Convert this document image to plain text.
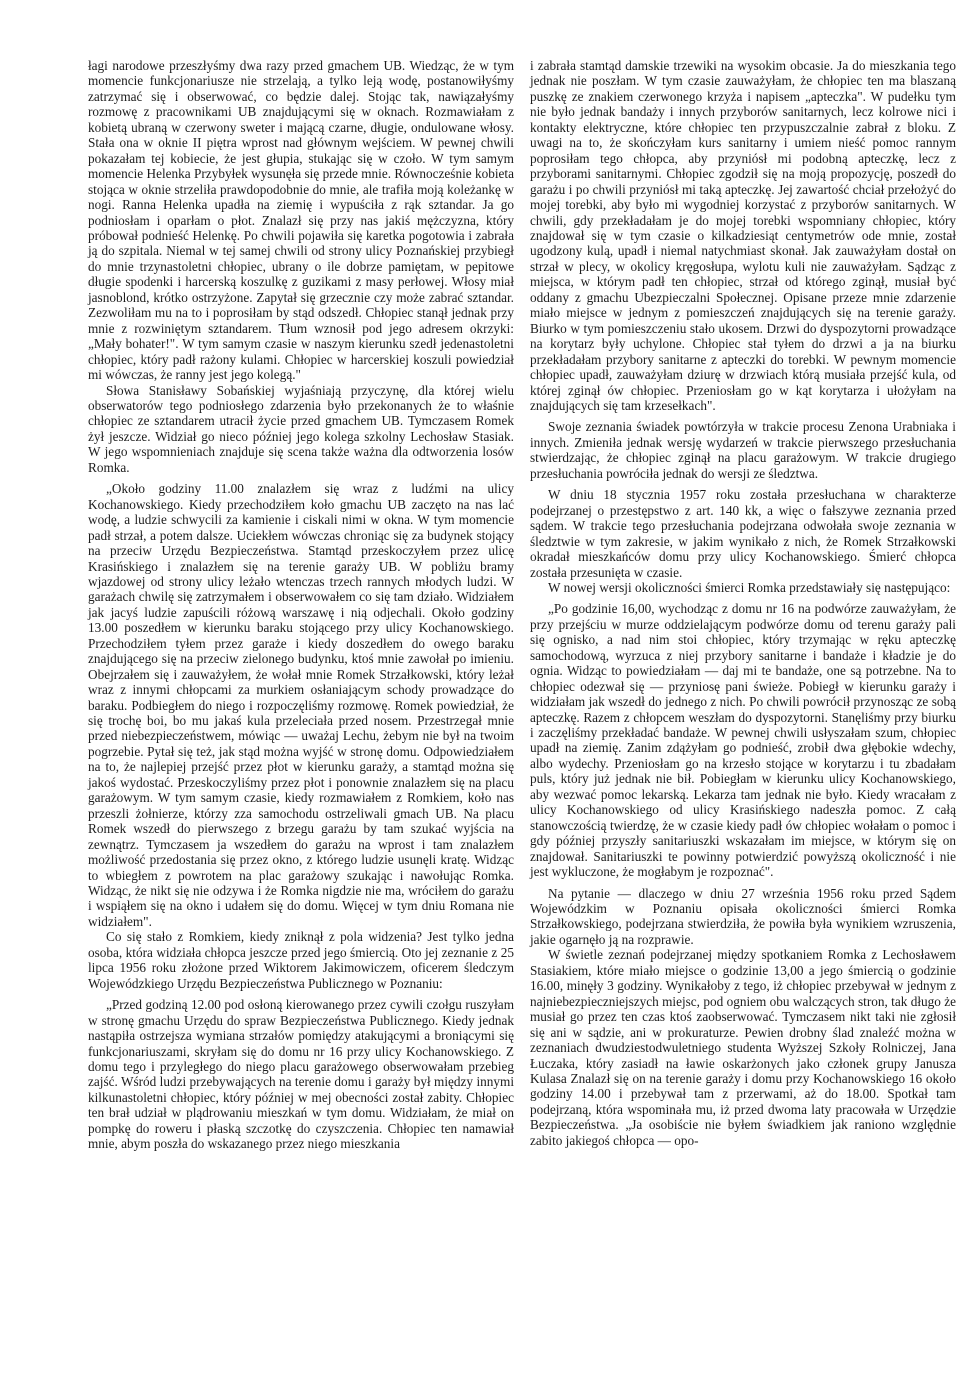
łagi narodowe przeszłyśmy dwa razy przed gmachem UB. Wiedząc, że w tym momencie funkcjonariusze nie strzelają, a tylko leją wodę, postanowiłyśmy zatrzymać się i obserwować, co będzie dalej. Stojąc tak, nawiązałyśmy rozmowę z pracownikami UB znajdującymi się w oknach. Rozmawiałam z kobietą ubraną w czerwony sweter i mającą czarne, długie, ondulowane włosy. Stała ona w oknie II piętra wprost nad głównym wejściem. W pewnej chwili pokazałam tej kobiecie, że jest głupia, stukając się w czoło. W tym samym momencie Helenka Przybyłek wysunęła się przede mnie. Równocześnie kobieta stojąca w oknie strzeliła prawdopodobnie do mnie, ale trafiła moją koleżankę w nogi. Ranna Helenka upadła na ziemię i wypuściła z rąk sztandar. Ja go podniosłam i oparłam o płot. Znalazł się przy nas jakiś mężczyzna, który próbował podnieść Helenkę. Po chwili pojawiła się karetka pogotowia i zabrała ją do szpitala. Niemal w tej samej chwili od strony ulicy Poznańskiej przybiegł do mnie trzynastoletni chłopiec, ubrany o ile dobrze pamiętam, w pepitowe długie spodenki i harcerską koszulkę z guzikami z masy perłowej. Włosy miał jasnoblond, krótko ostrzyżone. Zapytał się grzecznie czy może zabrać sztandar. Zezwoliłam mu na to i poprosiłam by stąd odszedł. Chłopiec stanął jednak przy mnie z rozwiniętym sztandarem. Tłum wznosił pod jego adresem okrzyki: „Mały bohater!". W tym samym czasie w naszym kierunku szedł jedenastoletni chłopiec, który padł rażony kulami. Chłopiec w harcerskiej koszuli powiedział mi wówczas, że ranny jest jego kolegą."

Słowa Stanisławy Sobańskiej wyjaśniają przyczynę, dla której wielu obserwatorów tego podniosłego zdarzenia było przekonanych że to właśnie chłopiec ze sztandarem utracił życie przed gmachem UB. Tymczasem Romek żył jeszcze. Widział go nieco później jego kolega szkolny Lechosław Stasiak. W jego wspomnieniach znajduje się scena także ważna dla odtworzenia losów Romka.

„Około godziny 11.00 znalazłem się wraz z ludźmi na ulicy Kochanowskiego. Kiedy przechodziłem koło gmachu UB zaczęto na nas lać wodę, a ludzie schwycili za kamienie i ciskali nimi w okna. W tym momencie padł strzał, a potem dalsze. Uciekłem wówczas chroniąc się za budynek stojący na przeciw Urzędu Bezpieczeństwa. Stamtąd przeskoczyłem przez ulicę Krasińskiego i znalazłem się na terenie garaży UB. W pobliżu bramy wjazdowej od strony ulicy leżało wtenczas trzech rannych młodych ludzi. W garażach chwilę się zatrzymałem i obserwowałem co się tam działo. Widziałem jak jacyś ludzie zapuścili różową warszawę i nią odjechali. Około godziny 13.00 poszedłem w kierunku baraku stojącego przy ulicy Kochanowskiego. Przechodziłem tyłem przez garaże i kiedy doszedłem do owego baraku znajdującego się na przeciw zielonego budynku, ktoś mnie zawołał po imieniu. Obejrzałem się i zauważyłem, że wołał mnie Romek Strzałkowski, który leżał wraz z innymi chłopcami za murkiem osłaniającym schody prowadzące do baraku. Podbiegłem do niego i rozpoczęliśmy rozmowę. Romek powiedział, że się trochę boi, bo mu jakaś kula przeleciała przed nosem. Przestrzegał mnie przed niebezpieczeństwem, mówiąc — uważaj Lechu, żebym nie był na twoim pogrzebie. Pytał się też, jak stąd można wyjść w stronę domu. Odpowiedziałem na to, że najlepiej przejść przez płot w kierunku garaży, a stamtąd można się jakoś wydostać. Przeskoczyliśmy przez płot i ponownie znalazłem się na placu garażowym. W tym samym czasie, kiedy rozmawiałem z Romkiem, koło nas przeszli żołnierze, którzy zza samochodu ostrzeliwali gmach UB. Na placu Romek wszedł do pierwszego z brzegu garażu by tam szukać wyjścia na zewnątrz. Tymczasem ja wszedłem do garażu na wprost i tam znalazłem możliwość przedostania się przez okno, z którego ludzie usunęli kratę. Widząc to wbiegłem z powrotem na plac garażowy szukając i nawołując Romka. Widząc, że nikt się nie odzywa i że Romka nigdzie nie ma, wróciłem do garażu i wspiąłem się na okno i udałem się do domu. Więcej w tym dniu Romana nie widziałem".

Co się stało z Romkiem, kiedy zniknął z pola widzenia? Jest tylko jedna osoba, która widziała chłopca jeszcze przed jego śmiercią. Oto jej zeznanie z 25 lipca 1956 roku złożone przed Wiktorem Jakimowiczem, oficerem śledczym Wojewódzkiego Urzędu Bezpieczeństwa Publicznego w Poznaniu:

„Przed godziną 12.00 pod osłoną kierowanego przez cywili czołgu ruszyłam w stronę gmachu Urzędu do spraw Bezpieczeństwa Publicznego. Kiedy jednak nastąpiła ostrzejsza wymiana strzałów pomiędzy atakującymi a broniącymi się funkcjonariuszami, skryłam się do domu nr 16 przy ulicy Kochanowskiego. Z domu tego i przyległego do niego placu garażowego obserwowałam przebieg zajść. Wśród ludzi przebywających na terenie domu i garaży był między innymi kilkunastoletni chłopiec, który później w mej obecności został zabity. Chłopiec ten brał udział w plądrowaniu mieszkań w tym domu. Widziałam, że miał on pompkę do roweru i płaską szczotkę do czyszczenia. Chłopiec ten namawiał mnie, abym poszła do wskazanego przez niego mieszkania

i zabrała stamtąd damskie trzewiki na wysokim obcasie. Ja do mieszkania tego jednak nie poszłam. W tym czasie zauważyłam, że chłopiec ten ma blaszaną puszkę ze znakiem czerwonego krzyża i napisem „apteczka". W pudełku tym nie było jednak bandaży i innych przyborów sanitarnych, lecz kolrowe nici i kontakty elektryczne, które chłopiec ten przypuszczalnie zabrał z bloku. Z uwagi na to, że skończyłam kurs sanitarny i umiem nieść pomoc rannym poprosiłam tego chłopca, aby przyniósł mi podobną apteczkę, lecz z przyborami sanitarnymi. Chłopiec zgodził się na moją propozycję, poszedł do garażu i po chwili przyniósł mi taką apteczkę. Jej zawartość chciał przełożyć do mojej torebki, aby było mi wygodniej korzystać z przyborów sanitarnych. W chwili, gdy przekładałam je do mojej torebki wspomniany chłopiec, który znajdował się w tym czasie o kilkadziesiąt centymetrów ode mnie, został ugodzony kulą, upadł i niemal natychmiast skonał. Jak zauważyłam dostał on strzał w plecy, w okolicy kręgosłupa, wylotu kuli nie zauważyłam. Sądząc z miejsca, w którym padł ten chłopiec, strzał od którego zginął, musiał być oddany z gmachu Ubezpieczalni Społecznej. Opisane przeze mnie zdarzenie miało miejsce w jednym z pomieszczeń znajdujących się na terenie garaży. Biurko w tym pomieszczeniu stało ukosem. Drzwi do dyspozytorni prowadzące na korytarz były uchylone. Chłopiec stał tyłem do drzwi a ja na biurku przekładałam przybory sanitarne z apteczki do torebki. W pewnym momencie chłopiec upadł, zauważyłam dziurę w drzwiach którą musiała przejść kula, od której zginął ów chłopiec. Przeniosłam go w kąt korytarza i ułożyłam na znajdujących się tam krzesełkach".

Swoje zeznania świadek powtórzyła w trakcie procesu Zenona Urabniaka i innych. Zmieniła jednak wersję wydarzeń w trakcie pierwszego przesłuchania stwierdzając, że chłopiec zginął na placu garażowym. W trakcie drugiego przesłuchania powróciła jednak do wersji ze śledztwa.

W dniu 18 stycznia 1957 roku została przesłuchana w charakterze podejrzanej o przestępstwo z art. 140 kk, a więc o fałszywe zeznania przed sądem. W trakcie tego przesłuchania podejrzana odwołała swoje zeznania w śledztwie w tym zakresie, w jakim wynikało z nich, że Romek Strzałkowski okradał mieszkańców domu przy ulicy Kochanowskiego. Śmierć chłopca została przesunięta w czasie.

W nowej wersji okoliczności śmierci Romka przedstawiały się następująco:

„Po godzinie 16,00, wychodząc z domu nr 16 na podwórze zauważyłam, że przy przejściu w murze oddzielającym podwórze domu od terenu garaży pali się ognisko, a nad nim stoi chłopiec, który trzymając w ręku apteczkę samochodową, wyrzuca z niej przybory sanitarne i bandaże i kładzie je do ognia. Widząc to powiedziałam — daj mi te bandaże, one są potrzebne. Na to chłopiec odezwał się — przyniosę pani świeże. Pobiegł w kierunku garaży i widziałam jak wszedł do jednego z nich. Po chwili powrócił przynosząc ze sobą apteczkę. Razem z chłopcem weszłam do dyspozytorni. Stanęliśmy przy biurku i zaczęliśmy przekładać bandaże. W pewnej chwili usłyszałam szum, chłopiec upadł na ziemię. Zanim zdążyłam go podnieść, zrobił dwa głębokie wdechy, albo wydechy. Przeniosłam go na krzesło stojące w korytarzu i tu zbadałam puls, który już jednak nie bił. Pobiegłam w kierunku ulicy Kochanowskiego, aby wezwać pomoc lekarską. Lekarza tam jednak nie było. Kiedy wracałam z ulicy Kochanowskiego od ulicy Krasińskiego nadeszła pomoc. Z całą stanowczością twierdzę, że w czasie kiedy padł ów chłopiec wołałam o pomoc i gdy później przyszły sanitariuszki wskazałam im miejsce, w którym się on znajdował. Sanitariuszki te powinny potwierdzić powyższą okoliczność i nie jest wykluczone, że mogłabym je rozpoznać".

Na pytanie — dlaczego w dniu 27 września 1956 roku przed Sądem Wojewódzkim w Poznaniu opisała okoliczności śmierci Romka Strzałkowskiego, podejrzana stwierdziła, że powiła była wynikiem wzruszenia, jakie ogarnęło ją na rozprawie.

W świetle zeznań podejrzanej między spotkaniem Romka z Lechosławem Stasiakiem, które miało miejsce o godzinie 13,00 a jego śmiercią o godzinie 16.00, minęły 3 godziny. Wynikałoby z tego, iż chłopiec przebywał w jednym z najniebezpieczniejszych miejsc, pod ogniem obu walczących stron, tak długo że musiał go przez ten czas ktoś zaobserwować. Tymczasem nikt taki nie zgłosił się ani w sądzie, ani w prokuraturze. Pewien drobny ślad znaleźć można w zeznaniach dwudziestodwuletniego studenta Wyższej Szkoły Rolniczej, Jana Łuczaka, który zasiadł na ławie oskarżonych jako członek grupy Janusza Kulasa Znalazł się on na terenie garaży i domu przy Kochanowskiego 16 około godziny 14.00 i przebywał tam z przerwami, aż do 18.00. Spotkał tam podejrzaną, która wspominała mu, iż przed dwoma laty pracowała w Urzędzie Bezpieczeństwa. „Ja osobiście nie byłem świadkiem jak raniono względnie zabito jakiegoś chłopca — opo-
